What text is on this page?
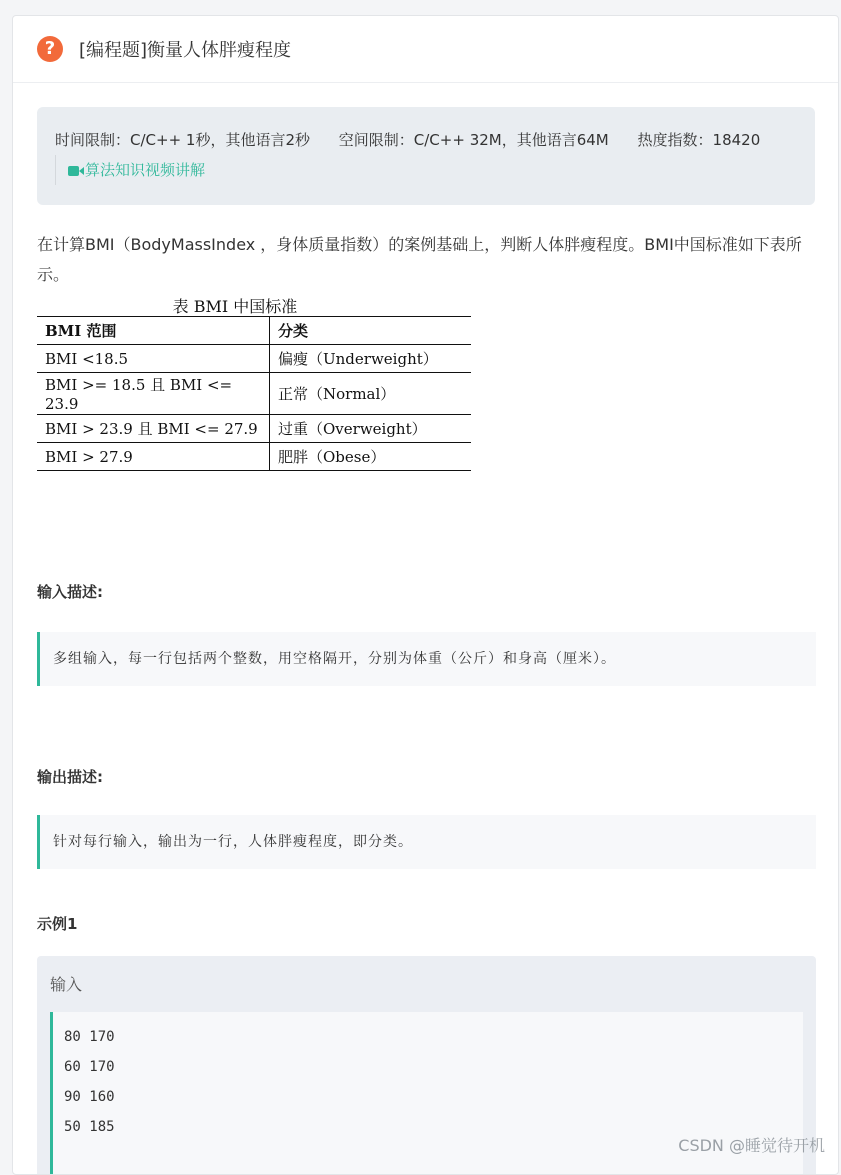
?	[编程题]衡量人体胖瘦程度
时间限制：C/C++ 1秒，其他语言2秒 空间限制：C/C++ 32M，其他语言64M 热度指数：18420
算法知识视频讲解
在计算BMI（BodyMassIndex ，身体质量指数）的案例基础上，判断人体胖瘦程度。BMI中国标准如下表所示。
表 BMI 中国标准
BMI 范围	分类
BMI <18.5	偏瘦（Underweight）
BMI >= 18.5 且 BMI <= 23.9	正常（Normal）
BMI > 23.9 且 BMI <= 27.9	过重（Overweight）
BMI > 27.9	肥胖（Obese）
输入描述:
多组输入，每一行包括两个整数，用空格隔开，分别为体重（公斤）和身高（厘米）。
输出描述:
针对每行输入，输出为一行，人体胖瘦程度，即分类。
示例1
输入
80 170
60 170
90 160
50 185
CSDN @睡觉待开机
